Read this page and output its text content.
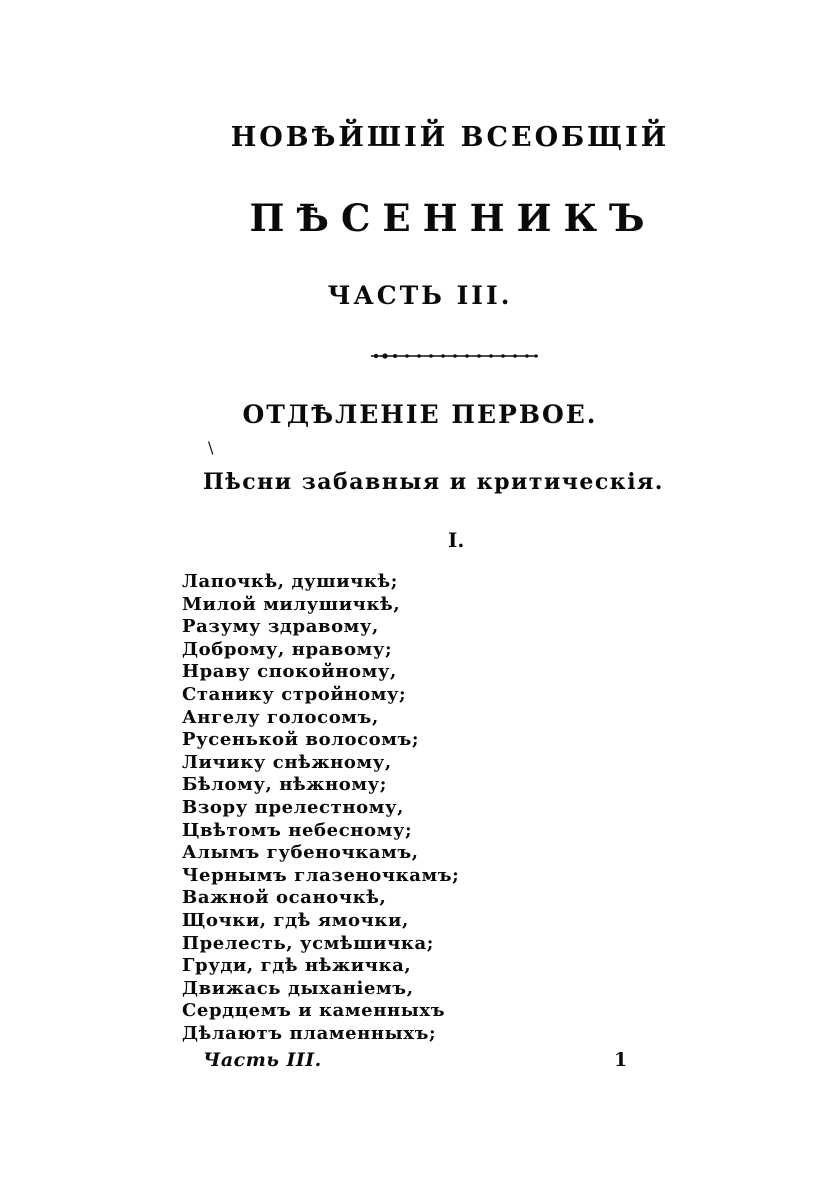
НОВѢЙШІЙ ВСЕОБЩІЙ
ПѢСЕННИКЪ
ЧАСТЬ III.
ОТДѢЛЕНІЕ ПЕРВОЕ.
\
Пѣсни забавныя и критическія.
I.
Лапочкѣ, душичкѣ;
Милой милушичкѣ,
Разуму здравому,
Доброму, нравому;
Нраву спокойному,
Станику стройному;
Ангелу голосомъ,
Русенькой волосомъ;
Личику снѣжному,
Бѣлому, нѣжному;
Взору прелестному,
Цвѣтомъ небесному;
Алымъ губеночкамъ,
Чернымъ глазеночкамъ;
Важной осаночкѣ,
Щочки, гдѣ ямочки,
Прелесть, усмѣшичка;
Груди, гдѣ нѣжичка,
Движась дыханіемъ,
Сердцемъ и каменныхъ
Дѣлаютъ пламенныхъ;
Часть III.	1
